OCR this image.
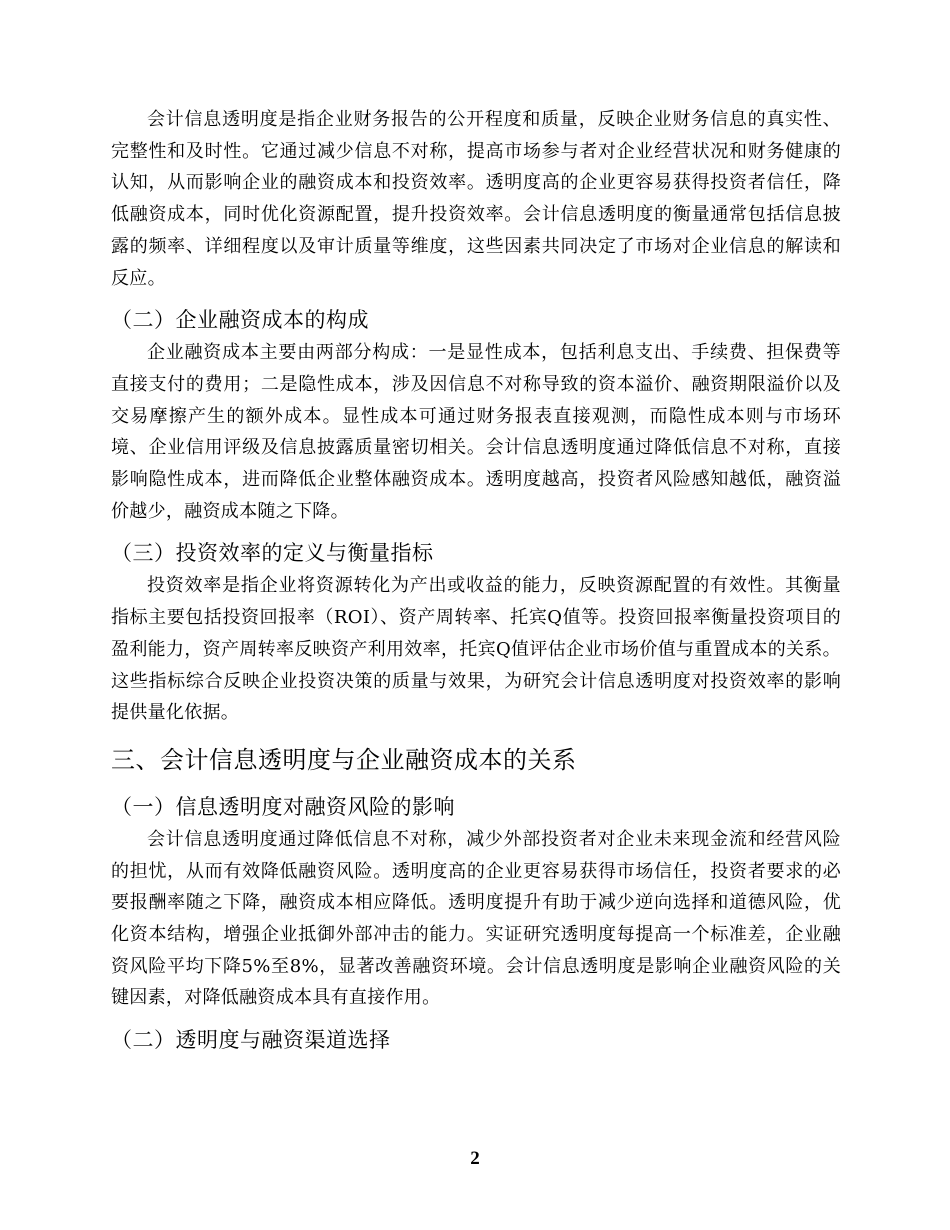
会计信息透明度是指企业财务报告的公开程度和质量，反映企业财务信息的真实性、完整性和及时性。它通过减少信息不对称，提高市场参与者对企业经营状况和财务健康的认知，从而影响企业的融资成本和投资效率。透明度高的企业更容易获得投资者信任，降低融资成本，同时优化资源配置，提升投资效率。会计信息透明度的衡量通常包括信息披露的频率、详细程度以及审计质量等维度，这些因素共同决定了市场对企业信息的解读和反应。

（二）企业融资成本的构成

企业融资成本主要由两部分构成：一是显性成本，包括利息支出、手续费、担保费等直接支付的费用；二是隐性成本，涉及因信息不对称导致的资本溢价、融资期限溢价以及交易摩擦产生的额外成本。显性成本可通过财务报表直接观测，而隐性成本则与市场环境、企业信用评级及信息披露质量密切相关。会计信息透明度通过降低信息不对称，直接影响隐性成本，进而降低企业整体融资成本。透明度越高，投资者风险感知越低，融资溢价越少，融资成本随之下降。

（三）投资效率的定义与衡量指标

投资效率是指企业将资源转化为产出或收益的能力，反映资源配置的有效性。其衡量指标主要包括投资回报率（ROI）、资产周转率、托宾Q值等。投资回报率衡量投资项目的盈利能力，资产周转率反映资产利用效率，托宾Q值评估企业市场价值与重置成本的关系。这些指标综合反映企业投资决策的质量与效果，为研究会计信息透明度对投资效率的影响提供量化依据。

三、会计信息透明度与企业融资成本的关系
（一）信息透明度对融资风险的影响

会计信息透明度通过降低信息不对称，减少外部投资者对企业未来现金流和经营风险的担忧，从而有效降低融资风险。透明度高的企业更容易获得市场信任，投资者要求的必要报酬率随之下降，融资成本相应降低。透明度提升有助于减少逆向选择和道德风险，优化资本结构，增强企业抵御外部冲击的能力。实证研究透明度每提高一个标准差，企业融资风险平均下降5%至8%，显著改善融资环境。会计信息透明度是影响企业融资风险的关键因素，对降低融资成本具有直接作用。

（二）透明度与融资渠道选择
2
